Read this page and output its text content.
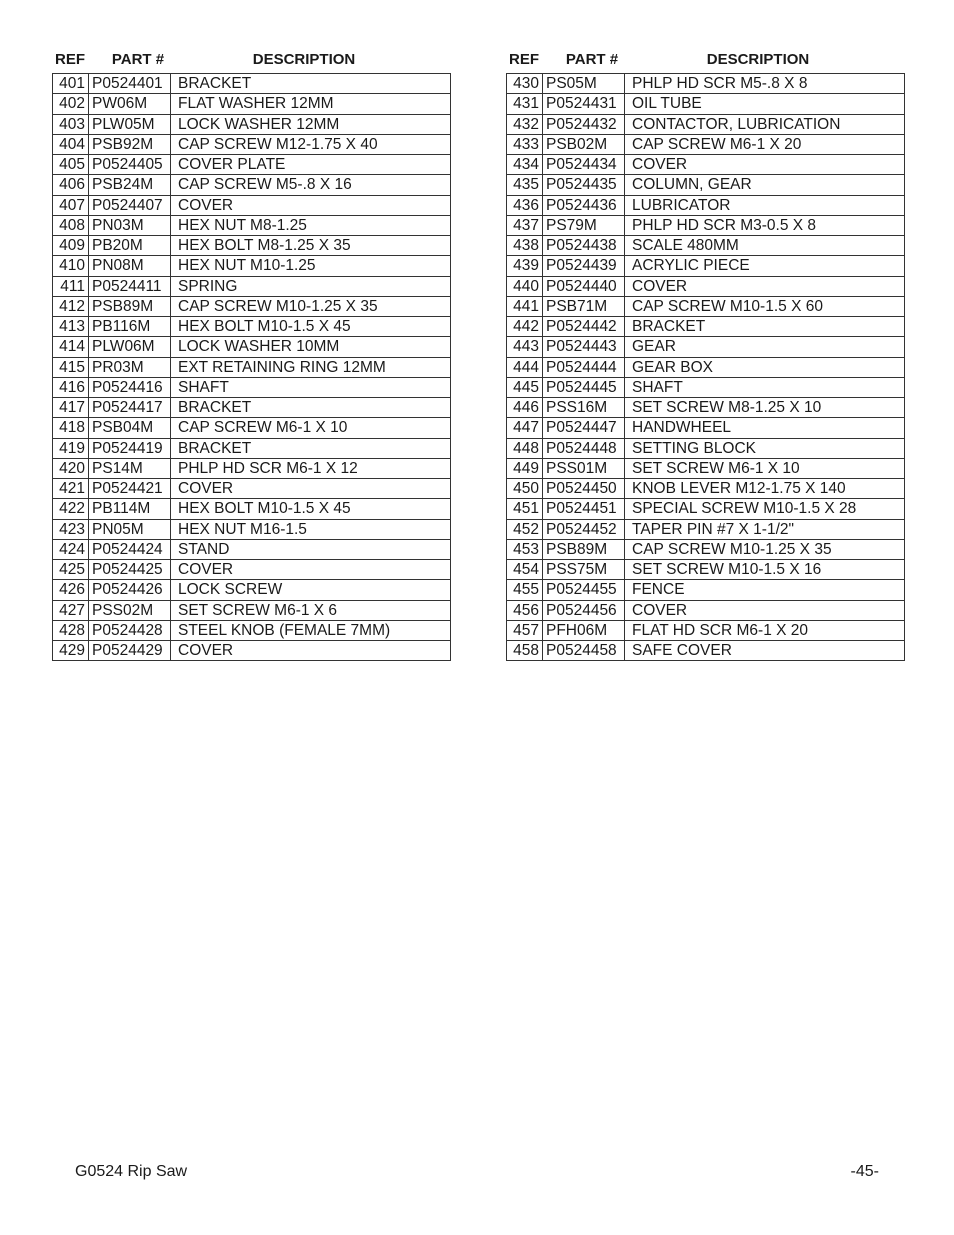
REF	PART #	DESCRIPTION
401	P0524401	BRACKET
402	PW06M	FLAT WASHER 12MM
403	PLW05M	LOCK WASHER 12MM
404	PSB92M	CAP SCREW M12-1.75 X 40
405	P0524405	COVER PLATE
406	PSB24M	CAP SCREW M5-.8 X 16
407	P0524407	COVER
408	PN03M	HEX NUT M8-1.25
409	PB20M	HEX BOLT M8-1.25 X 35
410	PN08M	HEX NUT M10-1.25
411	P0524411	SPRING
412	PSB89M	CAP SCREW M10-1.25 X 35
413	PB116M	HEX BOLT M10-1.5 X 45
414	PLW06M	LOCK WASHER 10MM
415	PR03M	EXT RETAINING RING 12MM
416	P0524416	SHAFT
417	P0524417	BRACKET
418	PSB04M	CAP SCREW M6-1 X 10
419	P0524419	BRACKET
420	PS14M	PHLP HD SCR M6-1 X 12
421	P0524421	COVER
422	PB114M	HEX BOLT M10-1.5 X 45
423	PN05M	HEX NUT M16-1.5
424	P0524424	STAND
425	P0524425	COVER
426	P0524426	LOCK SCREW
427	PSS02M	SET SCREW M6-1 X 6
428	P0524428	STEEL KNOB (FEMALE 7MM)
429	P0524429	COVER
REF	PART #	DESCRIPTION
430	PS05M	PHLP HD SCR M5-.8 X 8
431	P0524431	OIL TUBE
432	P0524432	CONTACTOR, LUBRICATION
433	PSB02M	CAP SCREW M6-1 X 20
434	P0524434	COVER
435	P0524435	COLUMN, GEAR
436	P0524436	LUBRICATOR
437	PS79M	PHLP HD SCR M3-0.5 X 8
438	P0524438	SCALE 480MM
439	P0524439	ACRYLIC PIECE
440	P0524440	COVER
441	PSB71M	CAP SCREW M10-1.5 X 60
442	P0524442	BRACKET
443	P0524443	GEAR
444	P0524444	GEAR BOX
445	P0524445	SHAFT
446	PSS16M	SET SCREW M8-1.25 X 10
447	P0524447	HANDWHEEL
448	P0524448	SETTING BLOCK
449	PSS01M	SET SCREW M6-1 X 10
450	P0524450	KNOB LEVER M12-1.75 X 140
451	P0524451	SPECIAL SCREW M10-1.5 X 28
452	P0524452	TAPER PIN #7 X 1-1/2"
453	PSB89M	CAP SCREW M10-1.25 X 35
454	PSS75M	SET SCREW M10-1.5 X 16
455	P0524455	FENCE
456	P0524456	COVER
457	PFH06M	FLAT HD SCR M6-1 X 20
458	P0524458	SAFE COVER
G0524 Rip Saw	-45-
